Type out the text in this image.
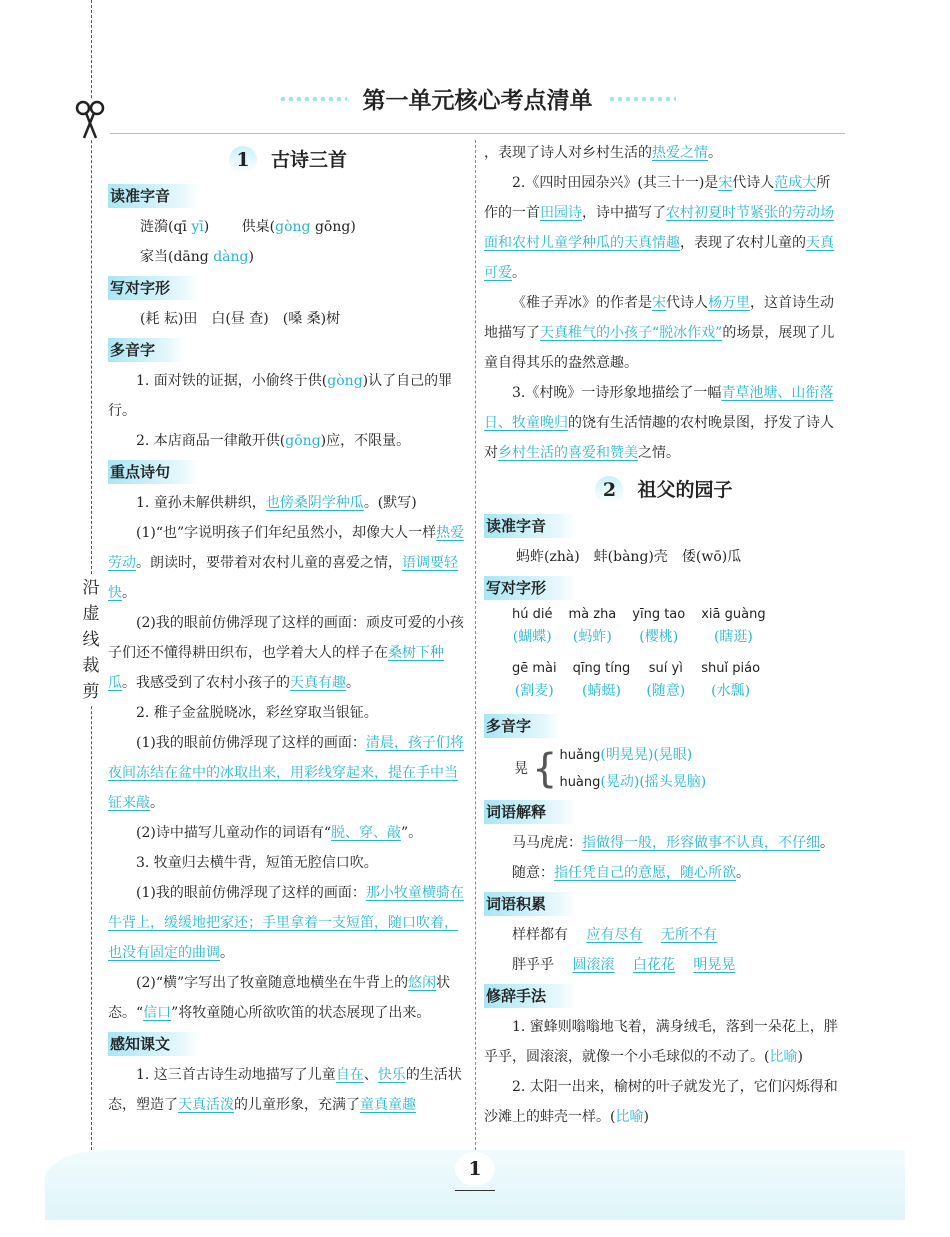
沿虚线裁剪
第一单元核心考点清单
1 古诗三首
读准字音

涟漪(qī yī)　　 供桌(gòng gōng)

家当(dāng dàng)

写对字形

(耗 耘)田　白(昼 查)　(嗓 桑)树

多音字

1. 面对铁的证据，小偷终于供(gòng)认了自己的罪行。

2. 本店商品一律敞开供(gōng)应，不限量。

重点诗句

1. 童孙未解供耕织，也傍桑阴学种瓜。(默写)

(1)“也”字说明孩子们年纪虽然小，却像大人一样热爱劳动。朗读时，要带着对农村儿童的喜爱之情，语调要轻快。

(2)我的眼前仿佛浮现了这样的画面：顽皮可爱的小孩子们还不懂得耕田织布，也学着大人的样子在桑树下种瓜。我感受到了农村小孩子的天真有趣。

2. 稚子金盆脱晓冰，彩丝穿取当银钲。

(1)我的眼前仿佛浮现了这样的画面：清晨，孩子们将夜间冻结在盆中的冰取出来，用彩线穿起来，提在手中当钲来敲。

(2)诗中描写儿童动作的词语有“脱、穿、敲”。

3. 牧童归去横牛背，短笛无腔信口吹。

(1)我的眼前仿佛浮现了这样的画面：那小牧童横骑在牛背上，缓缓地把家还；手里拿着一支短笛，随口吹着，也没有固定的曲调。

(2)“横”字写出了牧童随意地横坐在牛背上的悠闲状态。“信口”将牧童随心所欲吹笛的状态展现了出来。

感知课文

1. 这三首古诗生动地描写了儿童自在、快乐的生活状态，塑造了天真活泼的儿童形象，充满了童真童趣

，表现了诗人对乡村生活的热爱之情。

2.《四时田园杂兴》(其三十一)是宋代诗人范成大所作的一首田园诗，诗中描写了农村初夏时节紧张的劳动场面和农村儿童学种瓜的天真情趣，表现了农村儿童的天真可爱。

《稚子弄冰》的作者是宋代诗人杨万里，这首诗生动地描写了天真稚气的小孩子“脱冰作戏”的场景，展现了儿童自得其乐的盎然意趣。

3.《村晚》一诗形象地描绘了一幅青草池塘、山衔落日、牧童晚归的饶有生活情趣的农村晚景图，抒发了诗人对乡村生活的喜爱和赞美之情。

2 祖父的园子
读准字音

蚂蚱(zhà)　蚌(bàng)壳　倭(wō)瓜

写对字形
hú dié
(蝴蝶)
mà zha
(蚂蚱)
yīng tao
(樱桃)
xiā guàng
(瞎逛)
gē mài
(割麦)
qīng tíng
(蜻蜓)
suí yì
(随意)
shuǐ piáo
(水瓢)
多音字
晃 { huǎng(明晃晃)(晃眼)
huàng(晃动)(摇头晃脑)
词语解释

马马虎虎：指做得一般，形容做事不认真，不仔细。

随意：指任凭自己的意愿，随心所欲。

词语积累

样样都有　 应有尽有　 无所不有

胖乎乎　 圆滚滚　 白花花　 明晃晃

修辞手法

1. 蜜蜂则嗡嗡地飞着，满身绒毛，落到一朵花上，胖乎乎，圆滚滚，就像一个小毛球似的不动了。(比喻)

2. 太阳一出来，榆树的叶子就发光了，它们闪烁得和沙滩上的蚌壳一样。(比喻)

1
